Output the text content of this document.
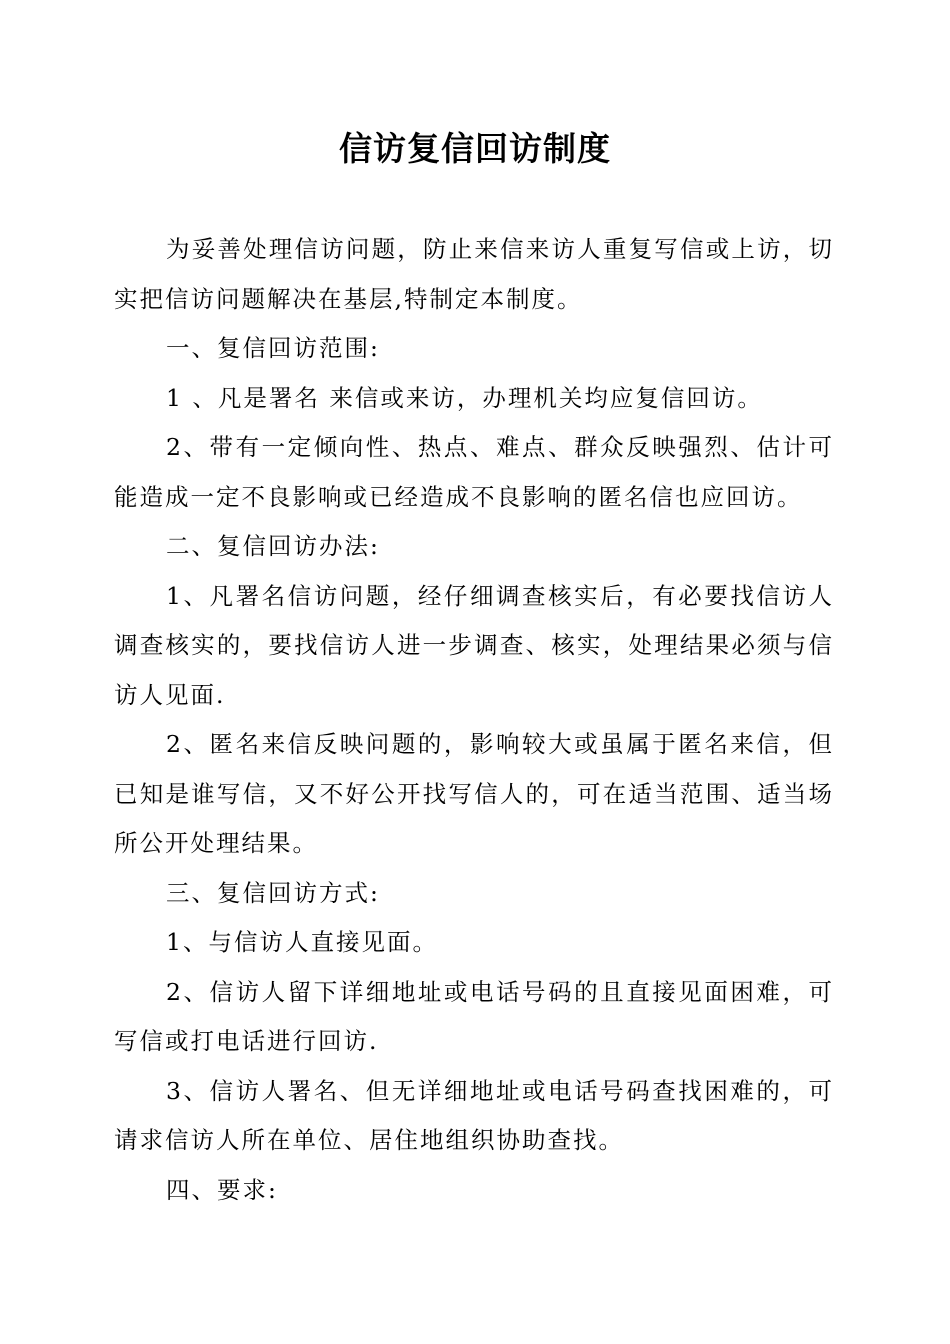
信访复信回访制度

为妥善处理信访问题，防止来信来访人重复写信或上访，切实把信访问题解决在基层,特制定本制度。

一、复信回访范围:

1 、凡是署名 来信或来访，办理机关均应复信回访。

2、带有一定倾向性、热点、难点、群众反映强烈、估计可能造成一定不良影响或已经造成不良影响的匿名信也应回访。

二、复信回访办法:

1、凡署名信访问题，经仔细调查核实后，有必要找信访人调查核实的，要找信访人进一步调查、核实，处理结果必须与信访人见面.

2、匿名来信反映问题的，影响较大或虽属于匿名来信，但已知是谁写信，又不好公开找写信人的，可在适当范围、适当场所公开处理结果。

三、复信回访方式:

1、与信访人直接见面。

2、信访人留下详细地址或电话号码的且直接见面困难，可写信或打电话进行回访.

3、信访人署名、但无详细地址或电话号码查找困难的，可请求信访人所在单位、居住地组织协助查找。

四、要求:
